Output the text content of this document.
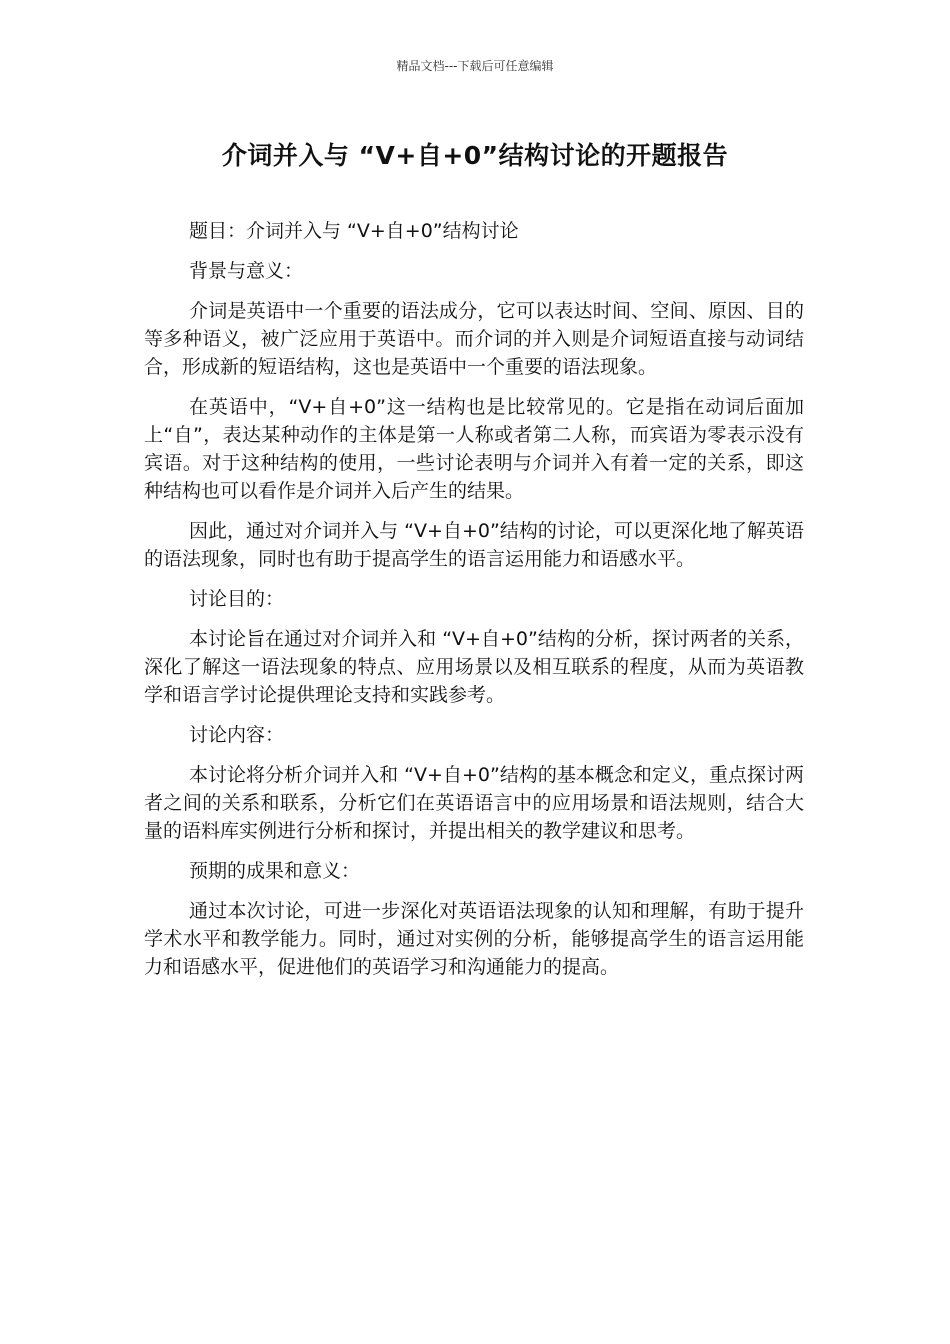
精品文档---下载后可任意编辑
介词并入与 “V+自+0”结构讨论的开题报告

题目：介词并入与 “V+自+0”结构讨论

背景与意义：

介词是英语中一个重要的语法成分，它可以表达时间、空间、原因、目的等多种语义，被广泛应用于英语中。而介词的并入则是介词短语直接与动词结合，形成新的短语结构，这也是英语中一个重要的语法现象。

在英语中，“V+自+0”这一结构也是比较常见的。它是指在动词后面加上“自”，表达某种动作的主体是第一人称或者第二人称，而宾语为零表示没有宾语。对于这种结构的使用，一些讨论表明与介词并入有着一定的关系，即这种结构也可以看作是介词并入后产生的结果。

因此，通过对介词并入与 “V+自+0”结构的讨论，可以更深化地了解英语的语法现象，同时也有助于提高学生的语言运用能力和语感水平。

讨论目的：

本讨论旨在通过对介词并入和 “V+自+0”结构的分析，探讨两者的关系，深化了解这一语法现象的特点、应用场景以及相互联系的程度，从而为英语教学和语言学讨论提供理论支持和实践参考。

讨论内容：

本讨论将分析介词并入和 “V+自+0”结构的基本概念和定义，重点探讨两者之间的关系和联系，分析它们在英语语言中的应用场景和语法规则，结合大量的语料库实例进行分析和探讨，并提出相关的教学建议和思考。

预期的成果和意义：

通过本次讨论，可进一步深化对英语语法现象的认知和理解，有助于提升学术水平和教学能力。同时，通过对实例的分析，能够提高学生的语言运用能力和语感水平，促进他们的英语学习和沟通能力的提高。
